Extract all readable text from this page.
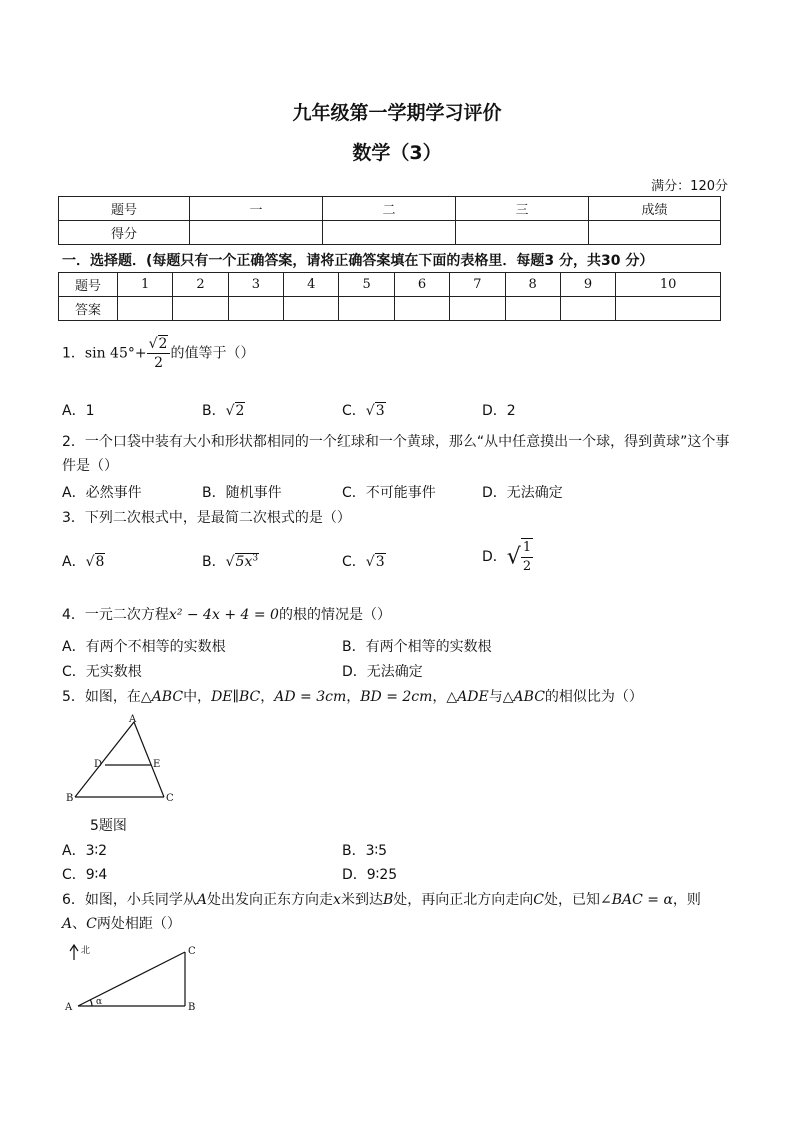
九年级第一学期学习评价
数学（3）
满分：120分
题号	一	二	三	成绩
得分				
一．选择题．(每题只有一个正确答案，请将正确答案填在下面的表格里．每题3 分，共30 分）
题号	1	2	3	4	5	6	7	8	9	10
答案										
1．$\sin 45^\circ+ \frac{√2}{2}$ 的值等于（）
A．1	B．√2	C．√3	D．2
2．一个口袋中装有大小和形状都相同的一个红球和一个黄球，那么“从中任意摸出一个球，得到黄球”这个事件是（）
A．必然事件	B．随机事件	C．不可能事件	D．无法确定
3．下列二次根式中，是最简二次根式的是（）
A．√8	B．$√5x^3$	C．√3	D．√ $\frac{1}{2}$
4．一元二次方程x² − 4x + 4 = 0的根的情况是（）
A．有两个不相等的实数根	B．有两个相等的实数根
C．无实数根	D．无法确定
5．如图，在△ABC中，DE∥BC，AD = 3cm，BD = 2cm，△ADE与△ABC的相似比为（）
A
B	C
D	E
5题图
A．3∶2	B．3∶5
C．9∶4	D．9∶25
6．如图，小兵同学从A处出发向正东方向走x米到达B处，再向正北方向走向C处，已知∠BAC = α，则
A、C两处相距（）
北
A	B
C
α
